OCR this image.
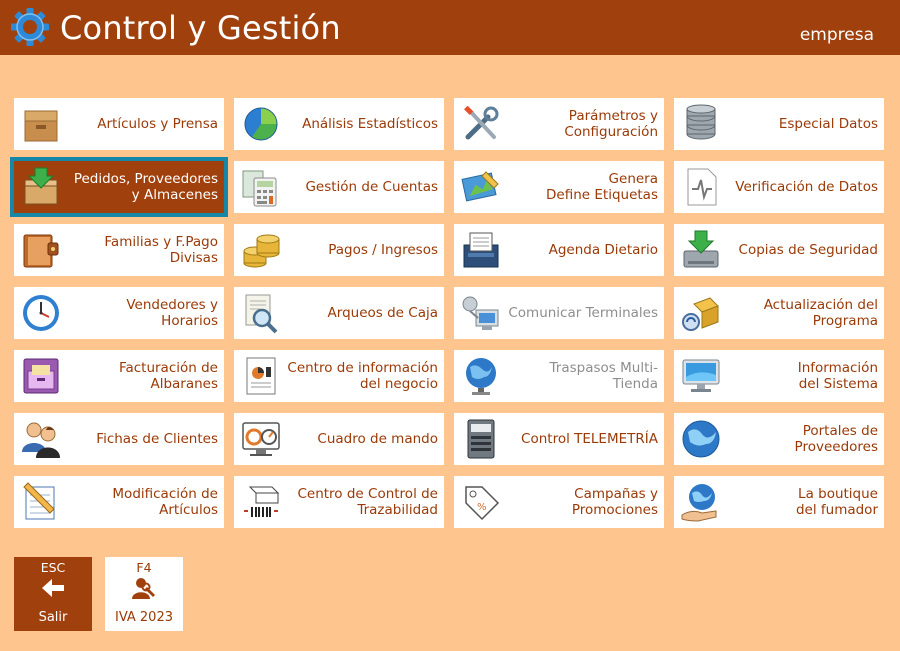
Control y Gestión	empresa
Artículos y Prensa	Análisis Estadísticos	Parámetros y
Configuración	Especial Datos
Pedidos, Proveedores
y Almacenes	Gestión de Cuentas	Genera
Define Etiquetas	Verificación de Datos
Familias y F.Pago
Divisas	Pagos / Ingresos	Agenda Dietario	Copias de Seguridad
Vendedores y Horarios	Arqueos de Caja	Comunicar Terminales	Actualización del
Programa
Facturación de
Albaranes
Centro de información
del negocio
Traspasos Multi-Tienda
Información
del Sistema
Fichas de Clientes	Cuadro de mando	Control TELEMETRÍA	Portales de
Proveedores
Modificación de
Artículos
Centro de Control de
Trazabilidad	%
Campañas y
Promociones
La boutique
del fumador
ESC
Salir
F4
IVA 2023
